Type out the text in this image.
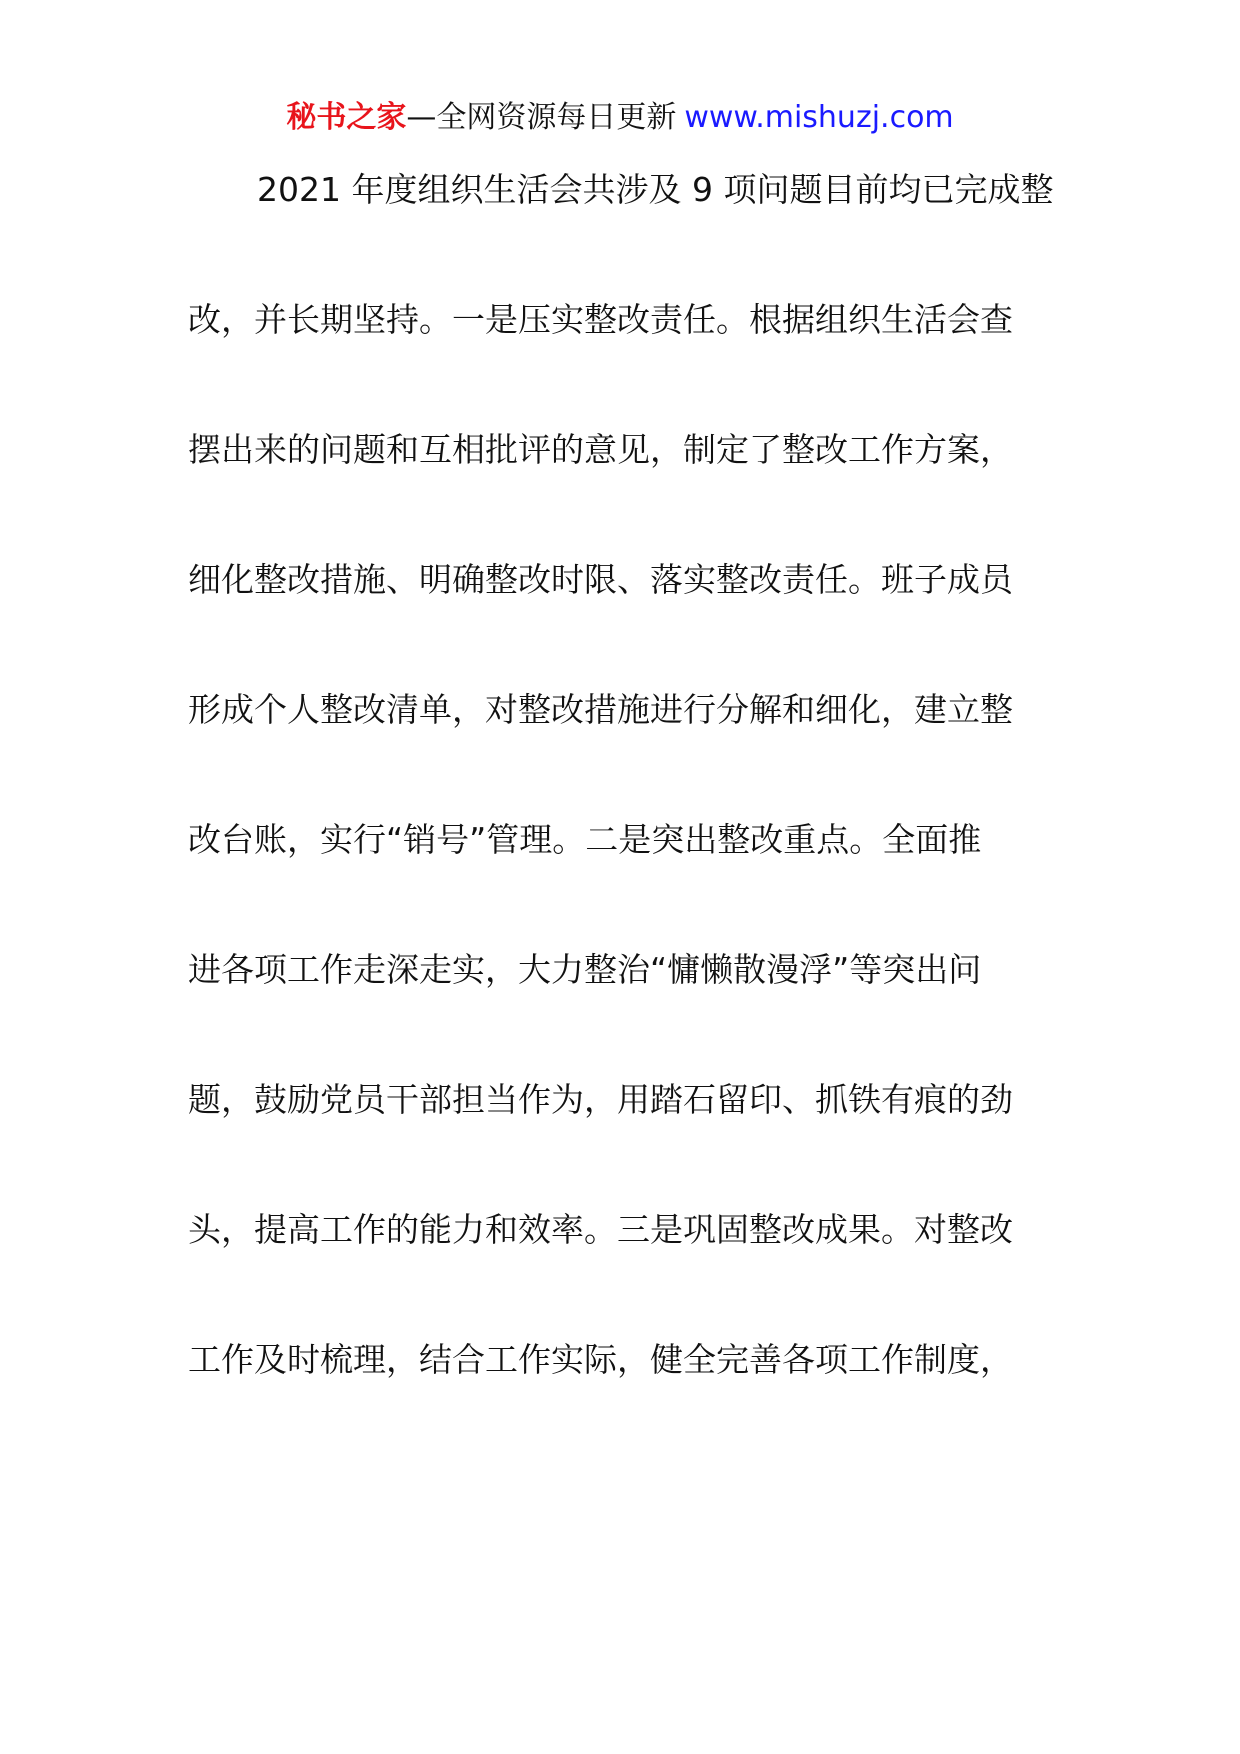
秘书之家—全网资源每日更新 www.mishuzj.com
2021 年度组织生活会共涉及 9 项问题目前均已完成整
改，并长期坚持。一是压实整改责任。根据组织生活会查
摆出来的问题和互相批评的意见，制定了整改工作方案，
细化整改措施、明确整改时限、落实整改责任。班子成员
形成个人整改清单，对整改措施进行分解和细化，建立整
改台账，实行“销号”管理。二是突出整改重点。全面推
进各项工作走深走实，大力整治“慵懒散漫浮”等突出问
题，鼓励党员干部担当作为，用踏石留印、抓铁有痕的劲
头，提高工作的能力和效率。三是巩固整改成果。对整改
工作及时梳理，结合工作实际，健全完善各项工作制度，
